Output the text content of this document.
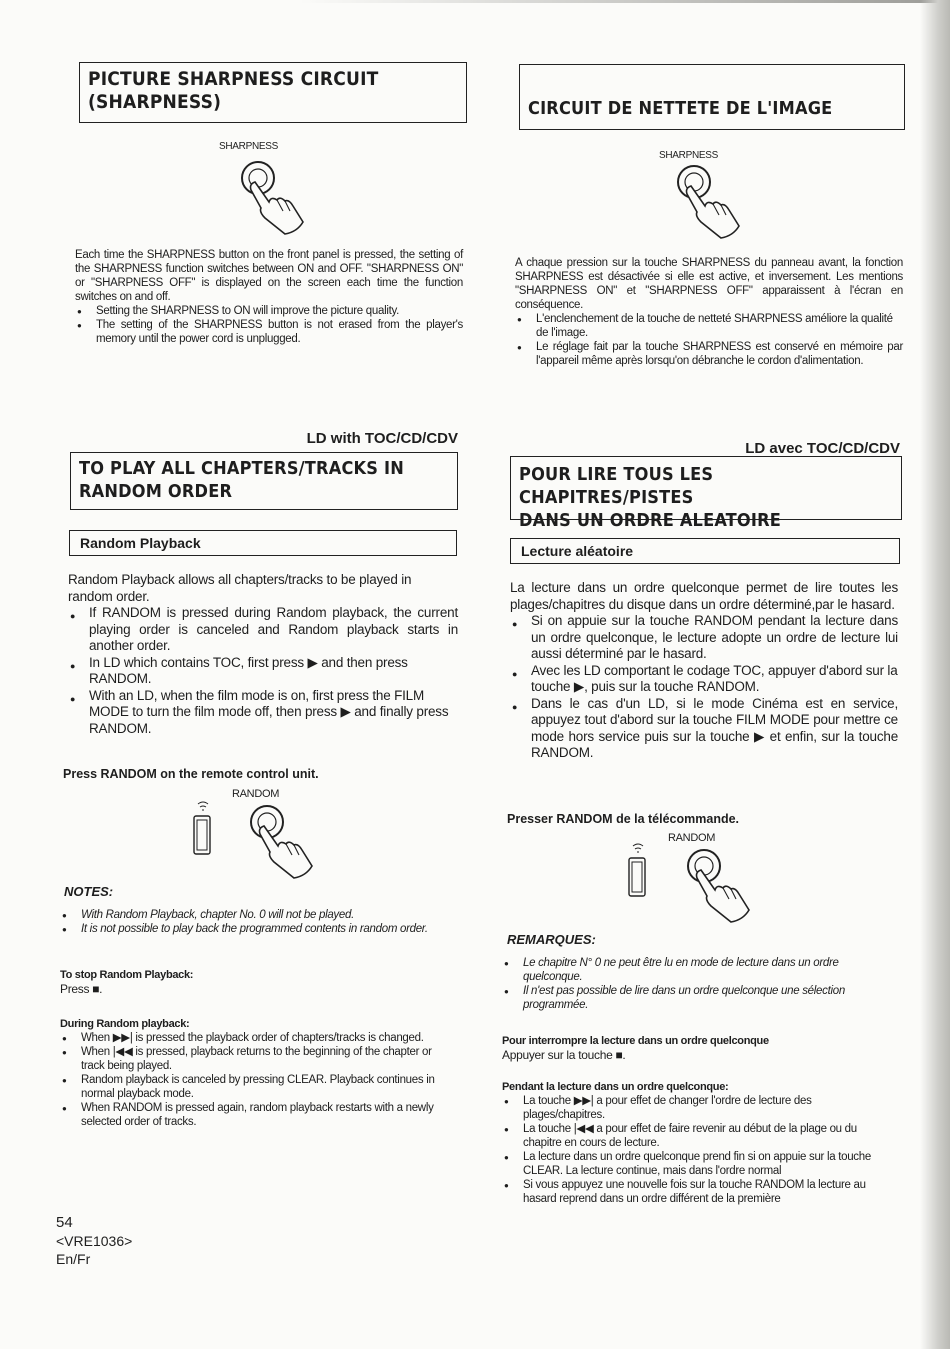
PICTURE SHARPNESS CIRCUIT
(SHARPNESS)
SHARPNESS
Each time the SHARPNESS button on the front panel is pressed, the setting of the SHARPNESS function switches between ON and OFF. "SHARPNESS ON" or "SHARPNESS OFF" is displayed on the screen each time the function switches on and off.
● Setting the SHARPNESS to ON will improve the picture quality.
● The setting of the SHARPNESS button is not erased from the player's memory until the power cord is unplugged.
LD with TOC/CD/CDV
TO PLAY ALL CHAPTERS/TRACKS IN
RANDOM ORDER
Random Playback
Random Playback allows all chapters/tracks to be played in random order.
● If RANDOM is pressed during Random playback, the current playing order is canceled and Random playback starts in another order.
● In LD which contains TOC, first press ▶ and then press RANDOM.
● With an LD, when the film mode is on, first press the FILM MODE to turn the film mode off, then press ▶ and finally press RANDOM.
Press RANDOM on the remote control unit.
RANDOM
NOTES:
● With Random Playback, chapter No. 0 will not be played.
● It is not possible to play back the programmed contents in random order.
To stop Random Playback:
Press ■.
During Random playback:
● When ▶▶| is pressed the playback order of chapters/tracks is changed.
● When |◀◀ is pressed, playback returns to the beginning of the chapter or track being played.
● Random playback is canceled by pressing CLEAR. Playback continues in normal playback mode.
● When RANDOM is pressed again, random playback restarts with a newly selected order of tracks.
54
<VRE1036>
En/Fr
CIRCUIT DE NETTETE DE L'IMAGE
SHARPNESS
A chaque pression sur la touche SHARPNESS du panneau avant, la fonction SHARPNESS est désactivée si elle est active, et inversement. Les mentions "SHARPNESS ON" et "SHARPNESS OFF" apparaissent à l'écran en conséquence.
● L'enclenchement de la touche de netteté SHARPNESS améliore la qualité de l'image.
● Le réglage fait par la touche SHARPNESS est conservé en mémoire par l'appareil même après lorsqu'on débranche le cordon d'alimentation.
LD avec TOC/CD/CDV
POUR LIRE TOUS LES CHAPITRES/PISTES
DANS UN ORDRE ALEATOIRE
Lecture aléatoire
La lecture dans un ordre quelconque permet de lire toutes les plages/chapitres du disque dans un ordre déterminé,par le hasard.
● Si on appuie sur la touche RANDOM pendant la lecture dans un ordre quelconque, le lecture adopte un ordre de lecture lui aussi déterminé par le hasard.
● Avec les LD comportant le codage TOC, appuyer d'abord sur la touche ▶, puis sur la touche RANDOM.
● Dans le cas d'un LD, si le mode Cinéma est en service, appuyez tout d'abord sur la touche FILM MODE pour mettre ce mode hors service puis sur la touche ▶ et enfin, sur la touche RANDOM.
Presser RANDOM de la télécommande.
RANDOM
REMARQUES:
● Le chapitre N° 0 ne peut être lu en mode de lecture dans un ordre quelconque.
● Il n'est pas possible de lire dans un ordre quelconque une sélection programmée.
Pour interrompre la lecture dans un ordre quelconque
Appuyer sur la touche ■.
Pendant la lecture dans un ordre quelconque:
● La touche ▶▶| a pour effet de changer l'ordre de lecture des plages/chapitres.
● La touche |◀◀ a pour effet de faire revenir au début de la plage ou du chapitre en cours de lecture.
● La lecture dans un ordre quelconque prend fin si on appuie sur la touche CLEAR. La lecture continue, mais dans l'ordre normal
● Si vous appuyez une nouvelle fois sur la touche RANDOM la lecture au hasard reprend dans un ordre différent de la première
